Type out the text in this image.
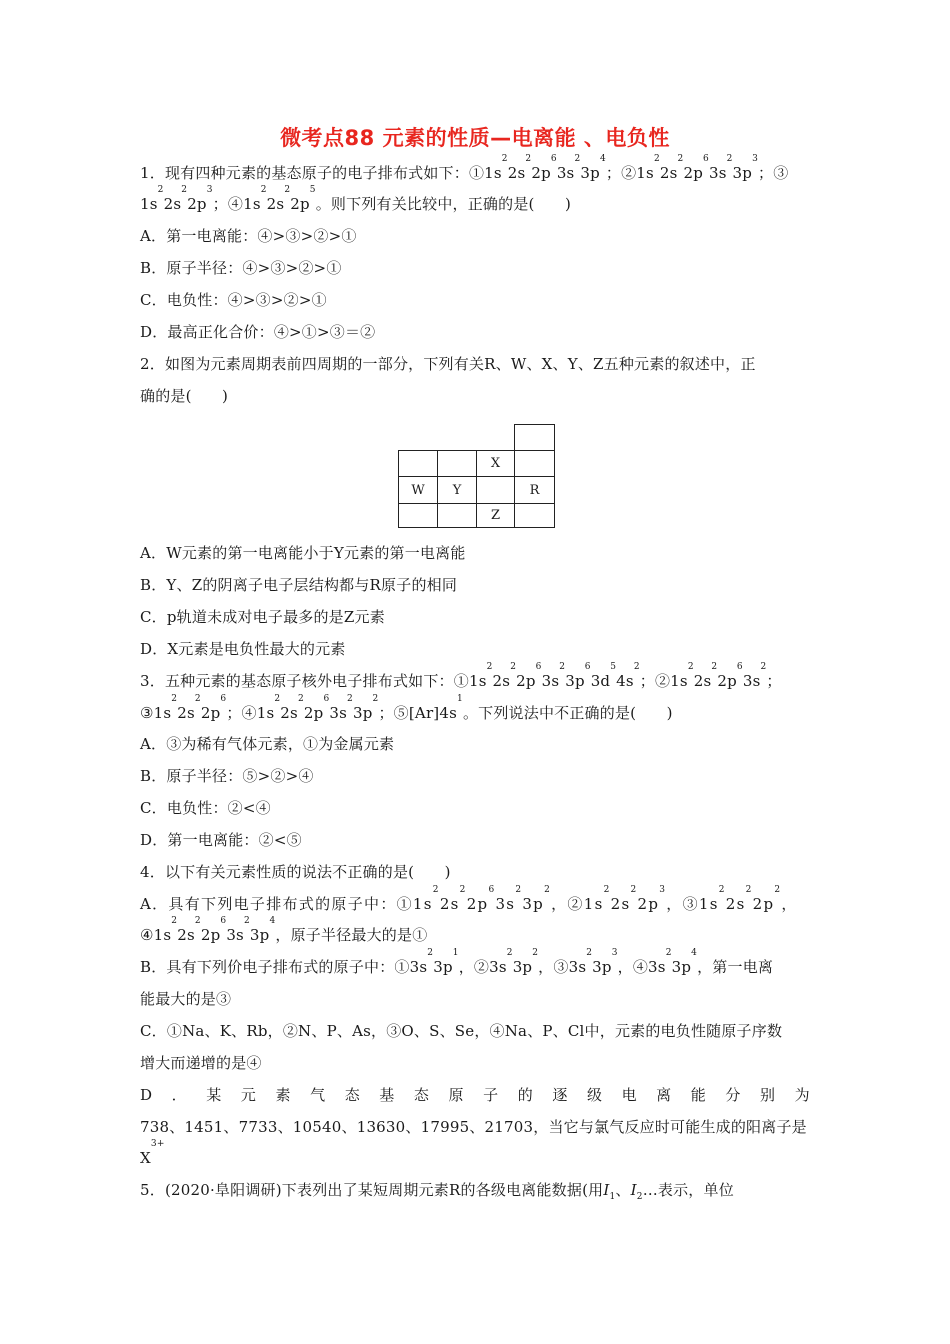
微考点88 元素的性质—电离能 、电负性
1．现有四种元素的基态原子的电子排布式如下：$①1s^22s^22p^63s^23p^4$；$②1s^22s^22p^63s^23p^3$；③
$1s^22s^22p^3$；$④1s^22s^22p^5$。则下列有关比较中，正确的是(　　)
A．第一电离能：④>③>②>①
B．原子半径：④>③>②>①
C．电负性：④>③>②>①
D．最高正化合价：④>①>③＝②
2．如图为元素周期表前四周期的一部分，下列有关R、W、X、Y、Z五种元素的叙述中，正
确的是(　　)
X
W	Y	R
Z
A．W元素的第一电离能小于Y元素的第一电离能
B．Y、Z的阴离子电子层结构都与R原子的相同
C．p轨道未成对电子最多的是Z元素
D．X元素是电负性最大的元素
3．五种元素的基态原子核外电子排布式如下：$①1s^22s^22p^63s^23p^63d^54s^2$；$②1s^22s^22p^63s^2$；
$③1s^22s^22p^6$；$④1s^22s^22p^63s^23p^2$；$⑤[Ar]4s^1$。下列说法中不正确的是(　　)
A．③为稀有气体元素，①为金属元素
B．原子半径：⑤>②>④
C．电负性：②<④
D．第一电离能：②<⑤
4．以下有关元素性质的说法不正确的是(　　)
A．具有下列电子排布式的原子中：$①1s^22s^22p^63s^23p^2$，$②1s^22s^22p^3$，$③1s^22s^22p^2$，
$④1s^22s^22p^63s^23p^4$，原子半径最大的是①
B．具有下列价电子排布式的原子中：$①3s^23p^1$，$②3s^23p^2$，$③3s^23p^3$，$④3s^23p^4$，第一电离
能最大的是③
C．①Na、K、Rb，②N、P、As，③O、S、Se，④Na、P、Cl中，元素的电负性随原子序数
增大而递增的是④
D ． 某 元 素 气 态 基 态 原 子 的 逐 级 电 离 能 分 别 为
738、1451、7733、10540、13630、17995、21703，当它与氯气反应时可能生成的阳离子是
$X^{3+}$
5．(2020·阜阳调研)下表列出了某短周期元素R的各级电离能数据(用$I_1$、$I_2\dots$表示，单位
